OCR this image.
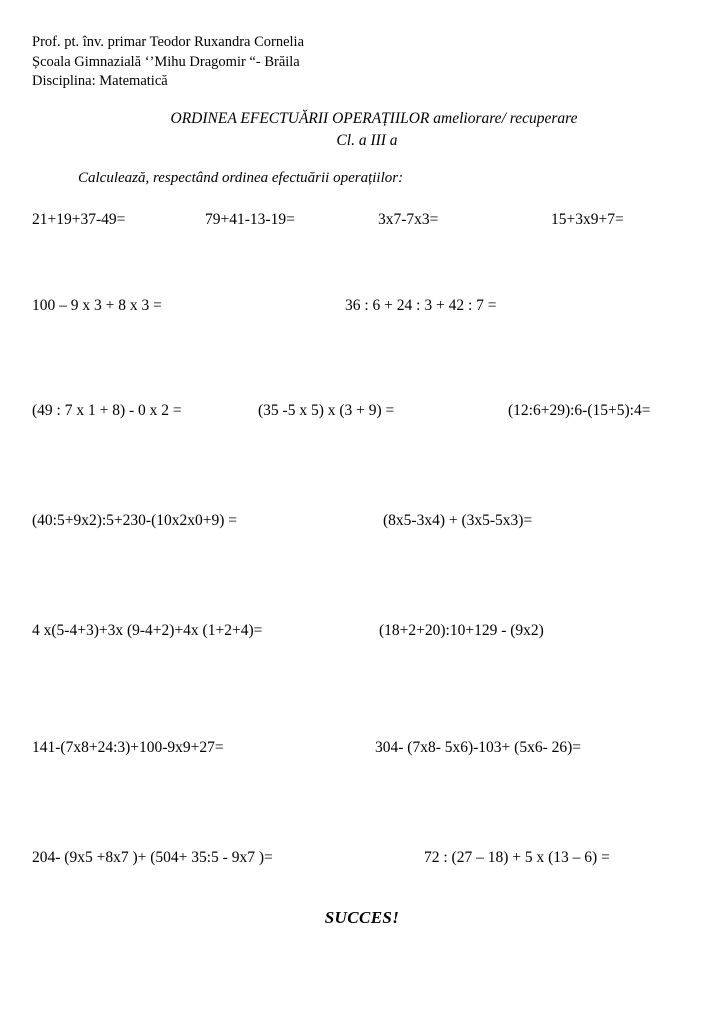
Prof. pt. înv. primar Teodor Ruxandra Cornelia
Școala Gimnazială ‘’Mihu Dragomir “- Brăila
Disciplina: Matematică
ORDINEA EFECTUĂRII OPERAȚIILOR ameliorare/ recuperare
Cl. a III a
Calculează, respectând ordinea efectuării operațiilor:
21+19+37-49=	79+41-13-19=	3x7-7x3=	15+3x9+7=
100 – 9 x 3 + 8 x 3 =	36 : 6 + 24 : 3 + 42 : 7 =
(49 : 7 x 1 + 8) - 0 x 2 =	(35 -5 x 5) x (3 + 9) =	(12:6+29):6-(15+5):4=
(40:5+9x2):5+230-(10x2x0+9) =	(8x5-3x4) + (3x5-5x3)=
4 x(5-4+3)+3x (9-4+2)+4x (1+2+4)=	(18+2+20):10+129 - (9x2)
141-(7x8+24:3)+100-9x9+27=	304- (7x8- 5x6)-103+ (5x6- 26)=
204- (9x5 +8x7 )+ (504+ 35:5 - 9x7 )=	72 : (27 – 18) + 5 x (13 – 6) =
SUCCES!
